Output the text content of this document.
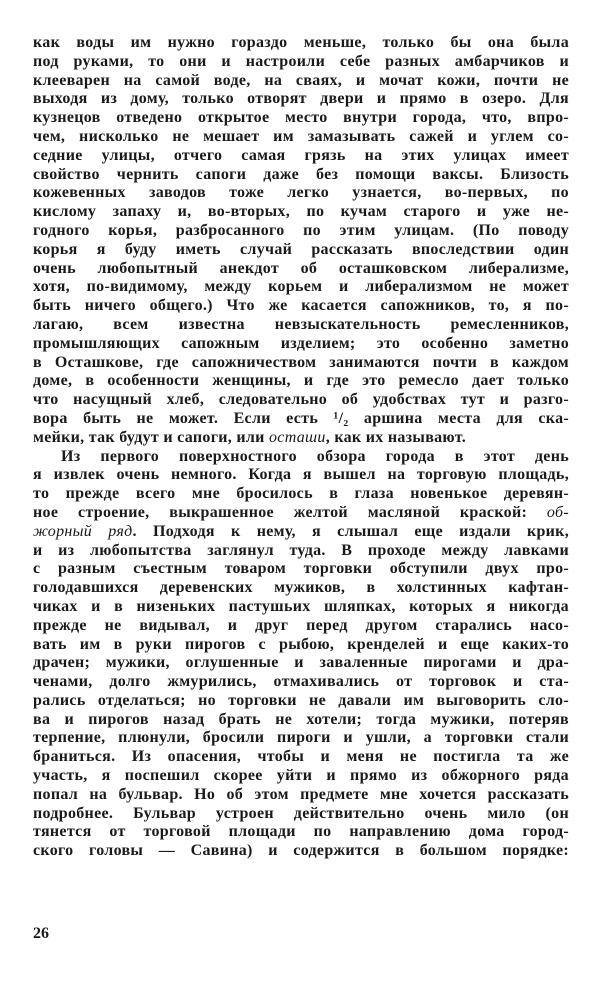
как воды им нужно гораздо меньше, только бы она была
под руками, то они и настроили себе разных амбарчиков и
клееварен на самой воде, на сваях, и мочат кожи, почти не
выходя из дому, только отворят двери и прямо в озеро. Для
кузнецов отведено открытое место внутри города, что, впро-
чем, нисколько не мешает им замазывать сажей и углем со-
седние улицы, отчего самая грязь на этих улицах имеет
свойство чернить сапоги даже без помощи ваксы. Близость
кожевенных заводов тоже легко узнается, во-первых, по
кислому запаху и, во-вторых, по кучам старого и уже не-
годного корья, разбросанного по этим улицам. (По поводу
корья я буду иметь случай рассказать впоследствии один
очень любопытный анекдот об осташковском либерализме,
хотя, по-видимому, между корьем и либерализмом не может
быть ничего общего.) Что же касается сапожников, то, я по-
лагаю, всем известна невзыскательность ремесленников,
промышляющих сапожным изделием; это особенно заметно
в Осташкове, где сапожничеством занимаются почти в каждом
доме, в особенности женщины, и где это ремесло дает только
что насущный хлеб, следовательно об удобствах тут и разго-
вора быть не может. Если есть ¹/₂ аршина места для ска-
мейки, так будут и сапоги, или осташи, как их называют.
Из первого поверхностного обзора города в этот день
я извлек очень немного. Когда я вышел на торговую площадь,
то прежде всего мне бросилось в глаза новенькое деревян-
ное строение, выкрашенное желтой масляной краской: об-
жорный ряд. Подходя к нему, я слышал еще издали крик,
и из любопытства заглянул туда. В проходе между лавками
с разным съестным товаром торговки обступили двух про-
голодавшихся деревенских мужиков, в холстинных кафтан-
чиках и в низеньких пастушьих шляпках, которых я никогда
прежде не видывал, и друг перед другом старались насо-
вать им в руки пирогов с рыбою, кренделей и еще каких-то
драчен; мужики, оглушенные и заваленные пирогами и дра-
ченами, долго жмурились, отмахивались от торговок и ста-
рались отделаться; но торговки не давали им выговорить сло-
ва и пирогов назад брать не хотели; тогда мужики, потеряв
терпение, плюнули, бросили пироги и ушли, а торговки стали
браниться. Из опасения, чтобы и меня не постигла та же
участь, я поспешил скорее уйти и прямо из обжорного ряда
попал на бульвар. Но об этом предмете мне хочется рассказать
подробнее. Бульвар устроен действительно очень мило (он
тянется от торговой площади по направлению дома город-
ского головы — Савина) и содержится в большом порядке:
26
